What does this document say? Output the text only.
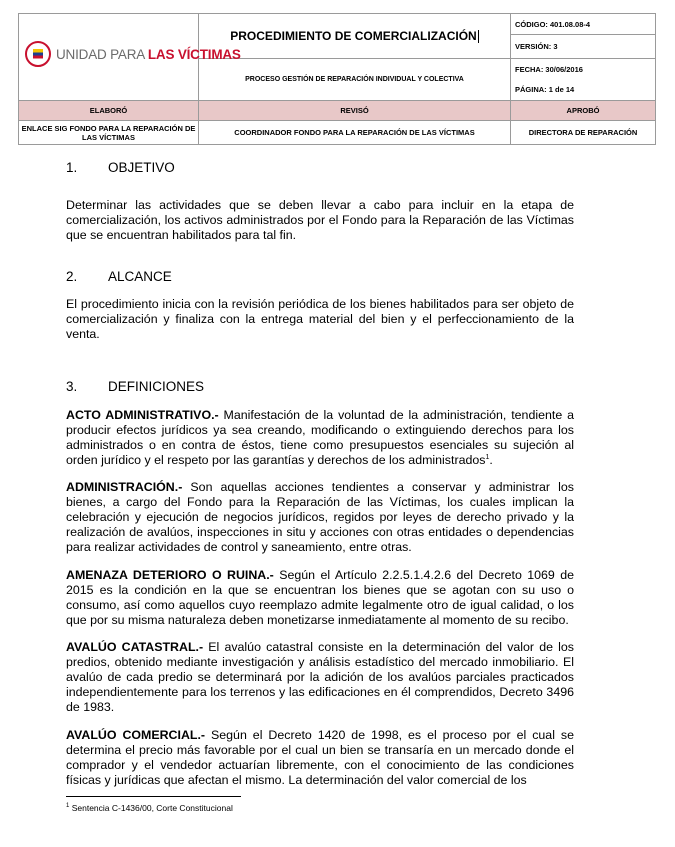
UNIDAD PARA LAS VÍCTIMAS	PROCEDIMIENTO DE COMERCIALIZACIÓN	CÓDIGO: 401.08.08-4
		VERSIÓN: 3
	PROCESO GESTIÓN DE REPARACIÓN INDIVIDUAL Y COLECTIVA	FECHA: 30/06/2016
PÁGINA: 1 de 14

ELABORÓ	REVISÓ	APROBÓ
ENLACE SIG FONDO PARA LA REPARACIÓN DE LAS VÍCTIMAS	COORDINADOR FONDO PARA LA REPARACIÓN DE LAS VÍCTIMAS	DIRECTORA DE REPARACIÓN
1. OBJETIVO

Determinar las actividades que se deben llevar a cabo para incluir en la etapa de comercialización, los activos administrados por el Fondo para la Reparación de las Víctimas que se encuentran habilitados para tal fin.

2. ALCANCE

El procedimiento inicia con la revisión periódica de los bienes habilitados para ser objeto de comercialización y finaliza con la entrega material del bien y el perfeccionamiento de la venta.

3. DEFINICIONES

ACTO ADMINISTRATIVO.- Manifestación de la voluntad de la administración, tendiente a producir efectos jurídicos ya sea creando, modificando o extinguiendo derechos para los administrados o en contra de éstos, tiene como presupuestos esenciales su sujeción al orden jurídico y el respeto por las garantías y derechos de los administrados$^1$.

ADMINISTRACIÓN.- Son aquellas acciones tendientes a conservar y administrar los bienes, a cargo del Fondo para la Reparación de las Víctimas, los cuales implican la celebración y ejecución de negocios jurídicos, regidos por leyes de derecho privado y la realización de avalúos, inspecciones in situ y acciones con otras entidades o dependencias para realizar actividades de control y saneamiento, entre otras.

AMENAZA DETERIORO O RUINA.- Según el Artículo 2.2.5.1.4.2.6 del Decreto 1069 de 2015 es la condición en la que se encuentran los bienes que se agotan con su uso o consumo, así como aquellos cuyo reemplazo admite legalmente otro de igual calidad, o los que por su misma naturaleza deben monetizarse inmediatamente al momento de su recibo.

AVALÚO CATASTRAL.- El avalúo catastral consiste en la determinación del valor de los predios, obtenido mediante investigación y análisis estadístico del mercado inmobiliario. El avalúo de cada predio se determinará por la adición de los avalúos parciales practicados independientemente para los terrenos y las edificaciones en él comprendidos, Decreto 3496 de 1983.

AVALÚO COMERCIAL.- Según el Decreto 1420 de 1998, es el proceso por el cual se determina el precio más favorable por el cual un bien se transaría en un mercado donde el comprador y el vendedor actuarían libremente, con el conocimiento de las condiciones físicas y jurídicas que afectan el mismo. La determinación del valor comercial de los

$^1$ Sentencia C-1436/00, Corte Constitucional
